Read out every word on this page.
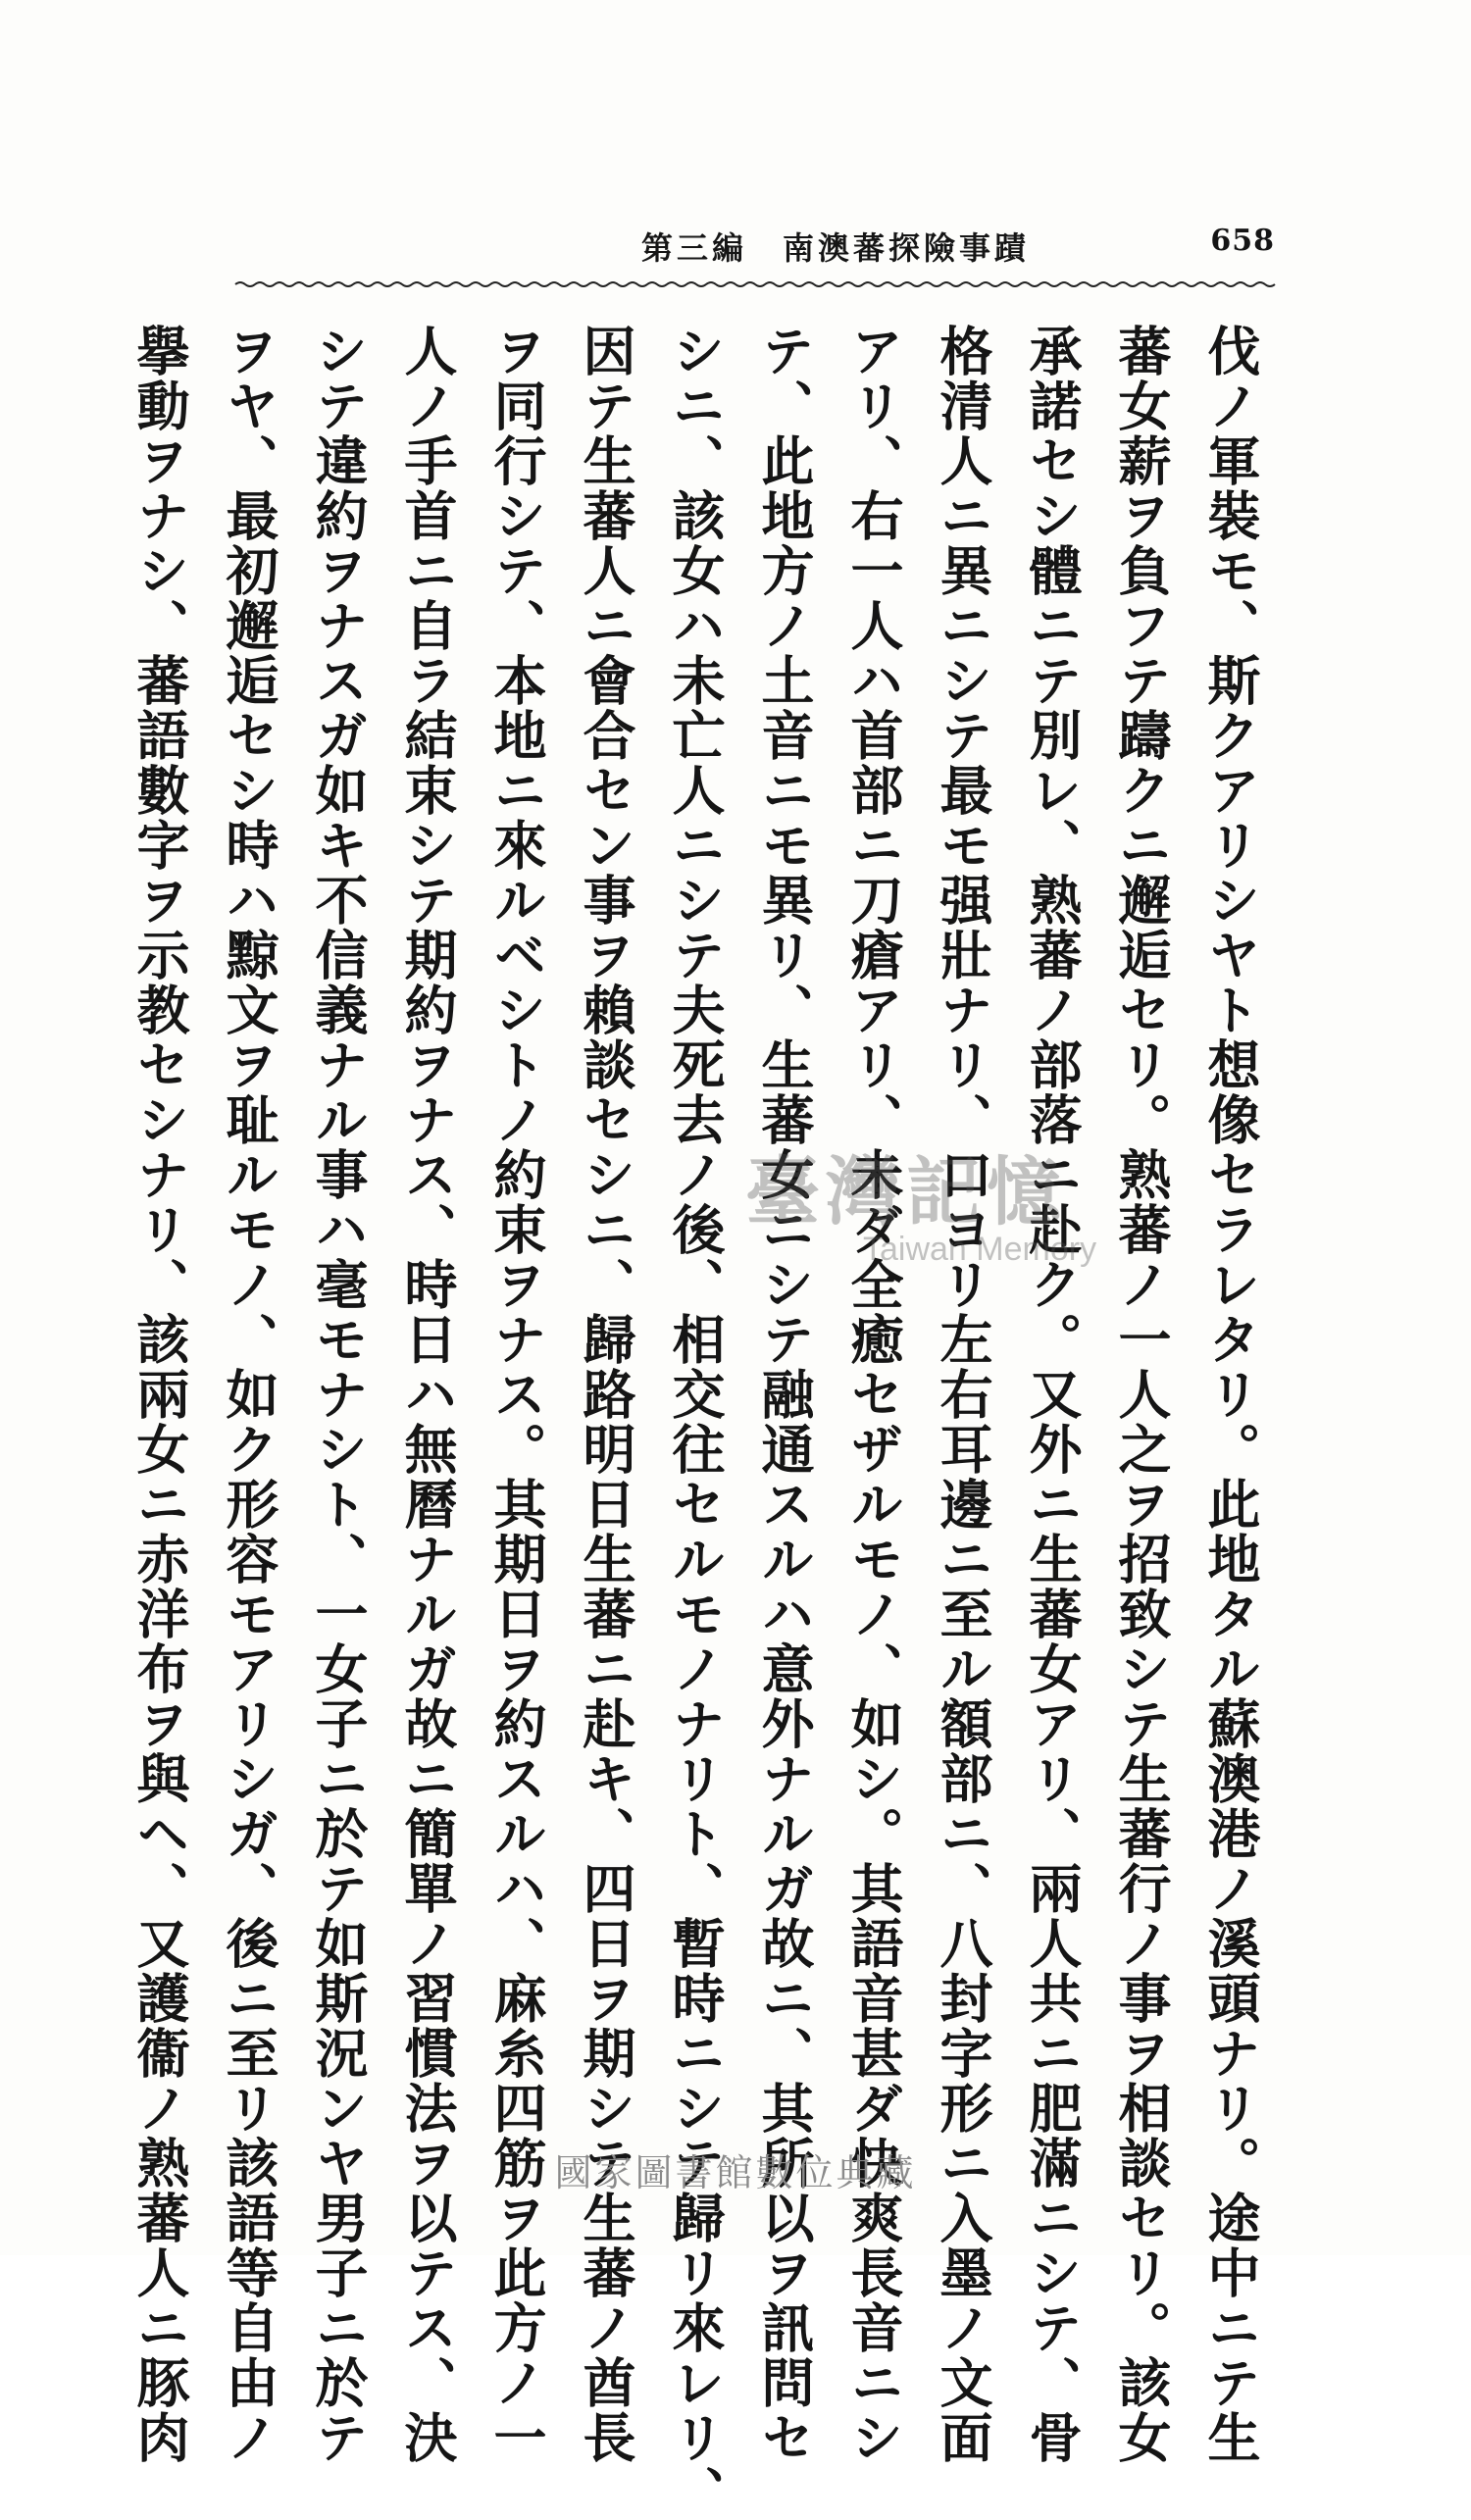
658
第三編　南澳蕃探險事蹟
伐ノ軍裝モ、斯クアリシヤト想像セラレタリ。此地タル蘇澳港ノ溪頭ナリ。途中ニテ生
蕃女薪ヲ負フテ躊クニ邂逅セリ。熟蕃ノ一人之ヲ招致シテ生蕃行ノ事ヲ相談セリ。該女
承諾セシ體ニテ別レ、熟蕃ノ部落ニ赴ク。又外ニ生蕃女アリ、兩人共ニ肥滿ニシテ、骨
格清人ニ異ニシテ最モ强壯ナリ、口ヨリ左右耳邊ニ至ル額部ニ、八封字形ニ入墨ノ文面
アリ、右一人ハ首部ニ刀瘡アリ、未ダ全癒セザルモノ、如シ。其語音甚ダ快爽長音ニシ
テ、此地方ノ土音ニモ異リ、生蕃女ニシテ融通スルハ意外ナルガ故ニ、其所以ヲ訊問セ
シニ、該女ハ未亡人ニシテ夫死去ノ後、相交往セルモノナリト、暫時ニシテ歸リ來レリ、
因テ生蕃人ニ會合セン事ヲ賴談セシニ、歸路明日生蕃ニ赴キ、四日ヲ期シテ生蕃ノ酋長
ヲ同行シテ、本地ニ來ルベシトノ約束ヲナス。其期日ヲ約スルハ、麻糸四筋ヲ此方ノ一
人ノ手首ニ自ラ結束シテ期約ヲナス、時日ハ無曆ナルガ故ニ簡單ノ習慣法ヲ以テス、決
シテ違約ヲナスガ如キ不信義ナル事ハ毫モナシト、一女子ニ於テ如斯況ンヤ男子ニ於テ
ヲヤ、最初邂逅セシ時ハ黥文ヲ耻ルモノ、如ク形容モアリシガ、後ニ至リ該語等自由ノ
擧動ヲナシ、蕃語數字ヲ示教セシナリ、該兩女ニ赤洋布ヲ與ヘ、又護衞ノ熟蕃人ニ豚肉	臺灣記憶
Taiwan Memory
國家圖書館數位典藏
